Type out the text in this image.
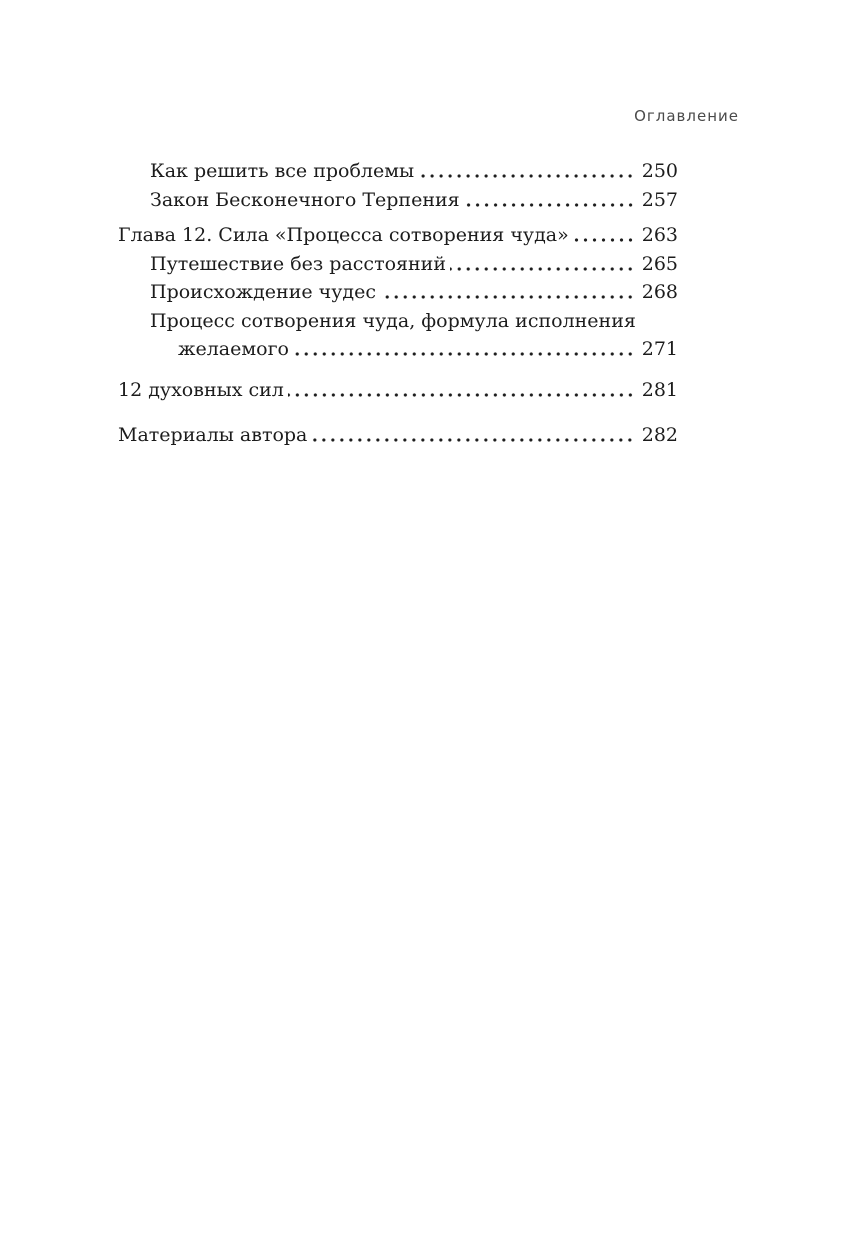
Оглавление
Как решить все проблемы	250
Закон Бесконечного Терпения	257
Глава 12. Сила «Процесса сотворения чуда»	263
Путешествие без расстояний	265
Происхождение чудес	268
Процесс сотворения чуда, формула исполнения
желаемого	271
12 духовных сил	281
Материалы автора	282
